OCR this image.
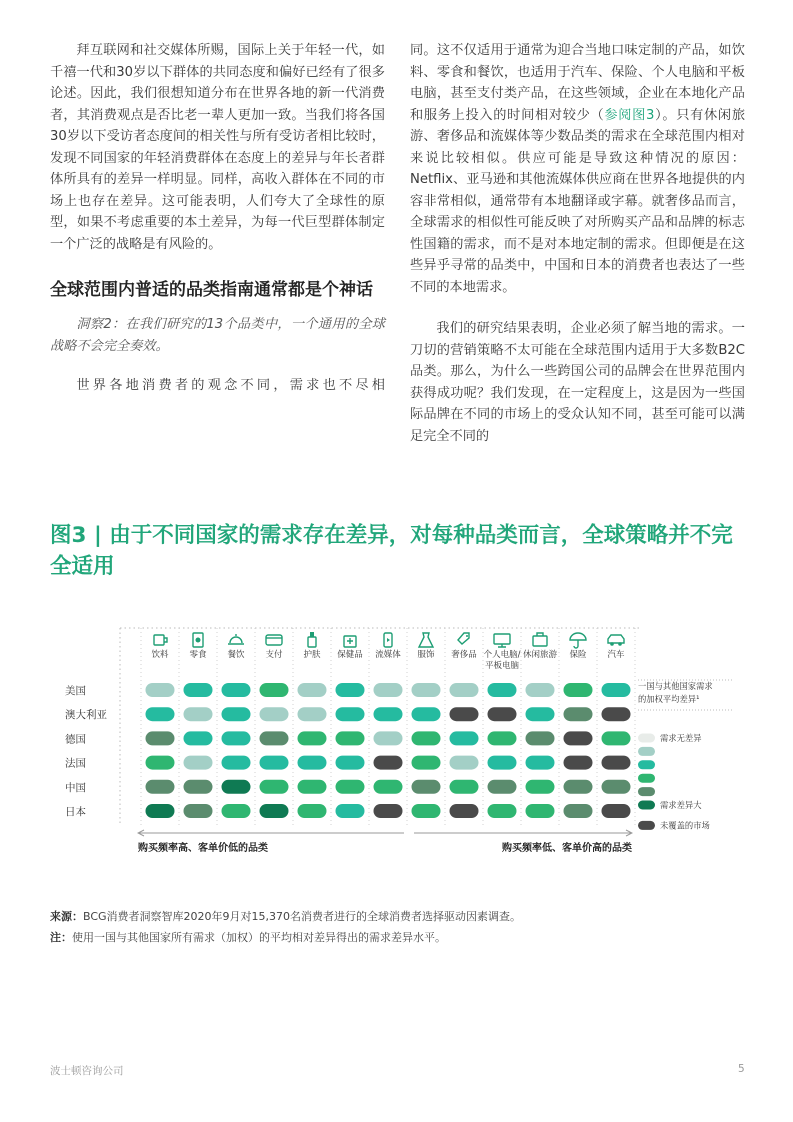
拜互联网和社交媒体所赐，国际上关于年轻一代，如千禧一代和30岁以下群体的共同态度和偏好已经有了很多论述。因此，我们很想知道分布在世界各地的新一代消费者，其消费观点是否比老一辈人更加一致。当我们将各国30岁以下受访者态度间的相关性与所有受访者相比较时，发现不同国家的年轻消费群体在态度上的差异与年长者群体所具有的差异一样明显。同样，高收入群体在不同的市场上也存在差异。这可能表明，人们夸大了全球性的原型，如果不考虑重要的本土差异，为每一代巨型群体制定一个广泛的战略是有风险的。

全球范围内普适的品类指南通常都是个神话

洞察2：在我们研究的13个品类中，一个通用的全球战略不会完全奏效。

世界各地消费者的观念不同，需求也不尽相

同。这不仅适用于通常为迎合当地口味定制的产品，如饮料、零食和餐饮，也适用于汽车、保险、个人电脑和平板电脑，甚至支付类产品，在这些领域，企业在本地化产品和服务上投入的时间相对较少（参阅图3）。只有休闲旅游、奢侈品和流媒体等少数品类的需求在全球范围内相对来说比较相似。供应可能是导致这种情况的原因：Netflix、亚马逊和其他流媒体供应商在世界各地提供的内容非常相似，通常带有本地翻译或字幕。就奢侈品而言，全球需求的相似性可能反映了对所购买产品和品牌的标志性国籍的需求，而不是对本地定制的需求。但即便是在这些异乎寻常的品类中，中国和日本的消费者也表达了一些不同的本地需求。

我们的研究结果表明，企业必须了解当地的需求。一刀切的营销策略不太可能在全球范围内适用于大多数B2C品类。那么，为什么一些跨国公司的品牌会在世界范围内获得成功呢？我们发现，在一定程度上，这是因为一些国际品牌在不同的市场上的受众认知不同，甚至可能可以满足完全不同的

图3 | 由于不同国家的需求存在差异，对每种品类而言，全球策略并不完全适用
饮料 零食 餐饮 支付 护肤 保健品 流媒体 服饰 奢侈品 个人电脑/
平板电脑
休闲旅游 保险 汽车
美国
澳大利亚
德国
法国
中国
日本
一国与其他国家需求
的加权平均差异¹
需求无差异
需求差异大
未覆盖的市场
购买频率高、客单价低的品类	购买频率低、客单价高的品类
来源：BCG消费者洞察智库2020年9月对15,370名消费者进行的全球消费者选择驱动因素调查。
注：使用一国与其他国家所有需求（加权）的平均相对差异得出的需求差异水平。
波士顿咨询公司	5
